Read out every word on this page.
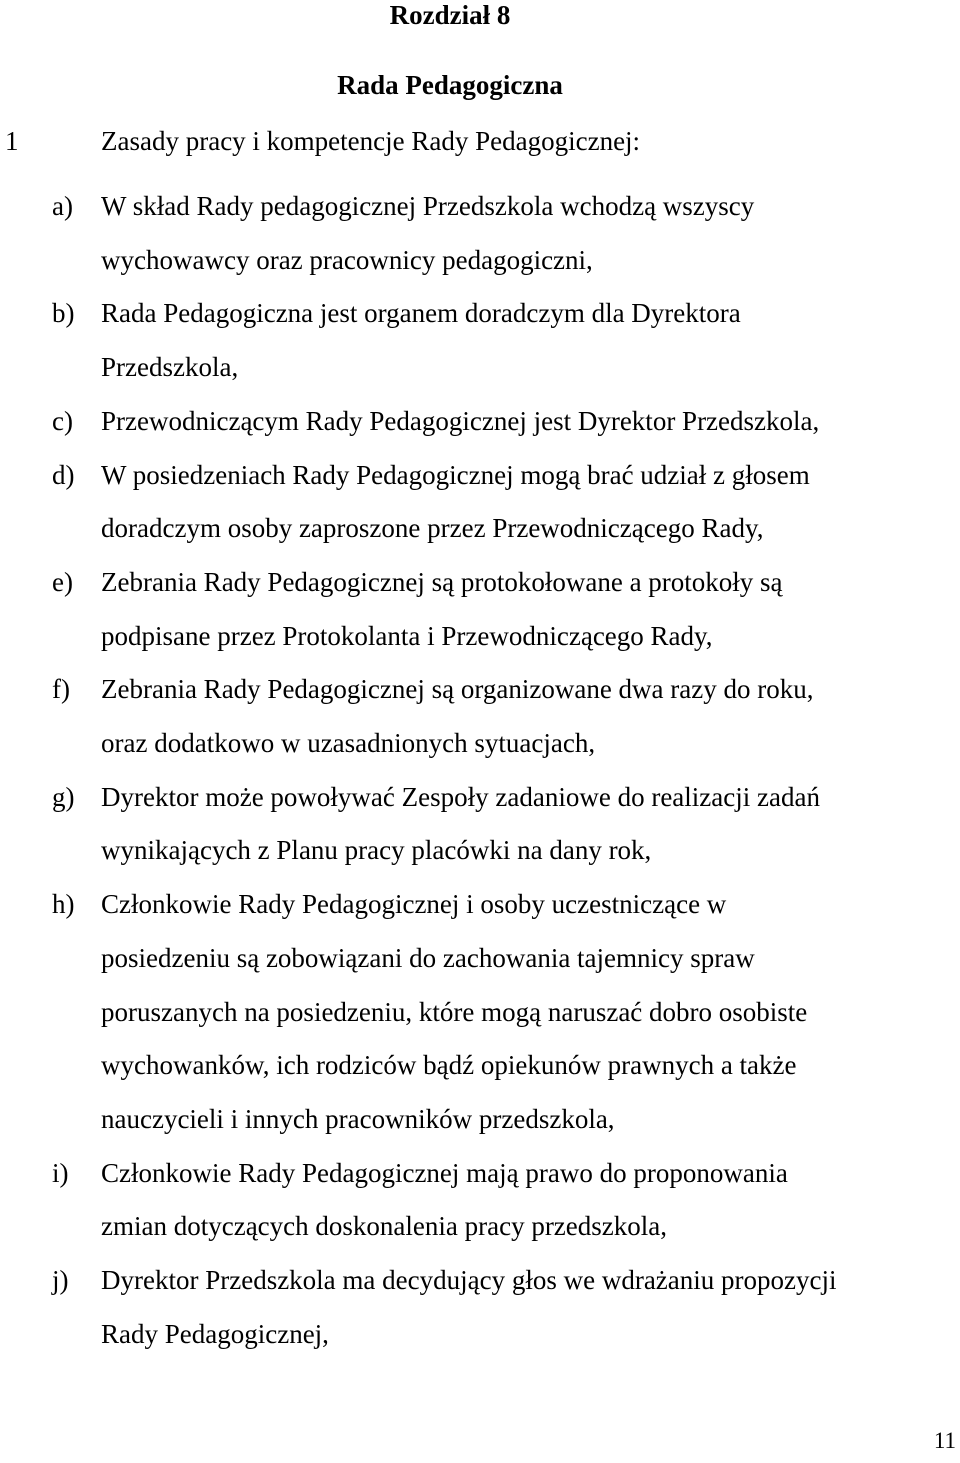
Rozdział 8
Rada Pedagogiczna
1	Zasady pracy i kompetencje Rady Pedagogicznej:
a)	W skład Rady pedagogicznej Przedszkola wchodzą wszyscy
wychowawcy oraz pracownicy pedagogiczni,
b) Rada Pedagogiczna jest organem doradczym dla Dyrektora
Przedszkola,
c)	Przewodniczącym Rady Pedagogicznej jest Dyrektor Przedszkola,
d) W posiedzeniach Rady Pedagogicznej mogą brać udział z głosem
doradczym osoby zaproszone przez Przewodniczącego Rady,
e)	Zebrania Rady Pedagogicznej są protokołowane a protokoły są
podpisane przez Protokolanta i Przewodniczącego Rady,
f)	Zebrania Rady Pedagogicznej są organizowane dwa razy do roku,
oraz dodatkowo w uzasadnionych sytuacjach,
g) Dyrektor może powoływać Zespoły zadaniowe do realizacji zadań
wynikających z Planu pracy placówki na dany rok,
h) Członkowie Rady Pedagogicznej i osoby uczestniczące w
posiedzeniu są zobowiązani do zachowania tajemnicy spraw
poruszanych na posiedzeniu, które mogą naruszać dobro osobiste
wychowanków, ich rodziców bądź opiekunów prawnych a także
nauczycieli i innych pracowników przedszkola,
i)	Członkowie Rady Pedagogicznej mają prawo do proponowania
zmian dotyczących doskonalenia pracy przedszkola,
j)	Dyrektor Przedszkola ma decydujący głos we wdrażaniu propozycji
Rady Pedagogicznej,
11
